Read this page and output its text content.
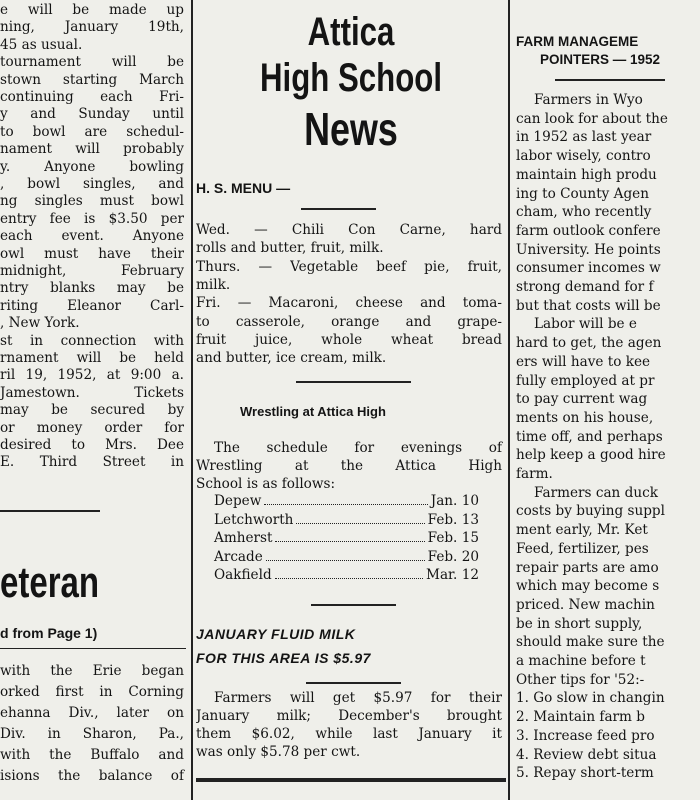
e will be made up
ning, January 19th,
45 as usual.
tournament will be
stown starting March
continuing each Fri-
y and Sunday until
to bowl are schedul-
nament will probably
y. Anyone bowling
, bowl singles, and
ng singles must bowl
entry fee is $3.50 per
each event. Anyone
owl must have their
midnight, February
ntry blanks may be
riting Eleanor Carl-
, New York.
st in connection with
rnament will be held
ril 19, 1952, at 9:00 a.
Jamestown. Tickets
may be secured by
or money order for
desired to Mrs. Dee
E. Third Street in
eteran
d from Page 1)
with the Erie began
orked first in Corning
ehanna Div., later on
Div. in Sharon, Pa.,
with the Buffalo and
isions the balance of
Attica
High School
News
H. S. MENU —
Wed. — Chili Con Carne, hard
rolls and butter, fruit, milk.
Thurs. — Vegetable beef pie, fruit,
milk.
Fri. — Macaroni, cheese and toma-
to casserole, orange and grape-
fruit juice, whole wheat bread
and butter, ice cream, milk.
Wrestling at Attica High
The schedule for evenings of
Wrestling at the Attica High
School is as follows:
Depew	Jan. 10
Letchworth	Feb. 13
Amherst	Feb. 15
Arcade	Feb. 20
Oakfield	Mar. 12
JANUARY FLUID MILK
FOR THIS AREA IS $5.97
Farmers will get $5.97 for their
January milk; December's brought
them $6.02, while last January it
was only $5.78 per cwt.
FARM MANAGEME
POINTERS — 1952
Farmers in Wyo
can look for about the
in 1952 as last year
labor wisely, contro
maintain high produ
ing to County Agen
cham, who recently
farm outlook confere
University. He points
consumer incomes w
strong demand for f
but that costs will be
Labor will be e
hard to get, the agen
ers will have to kee
fully employed at pr
to pay current wag
ments on his house,
time off, and perhaps
help keep a good hire
farm.
Farmers can duck
costs by buying suppl
ment early, Mr. Ket
Feed, fertilizer, pes
repair parts are amo
which may become s
priced. New machin
be in short supply,
should make sure the
a machine before t
Other tips for '52:-
1. Go slow in changin
2. Maintain farm b
3. Increase feed pro
4. Review debt situa
5. Repay short-term
